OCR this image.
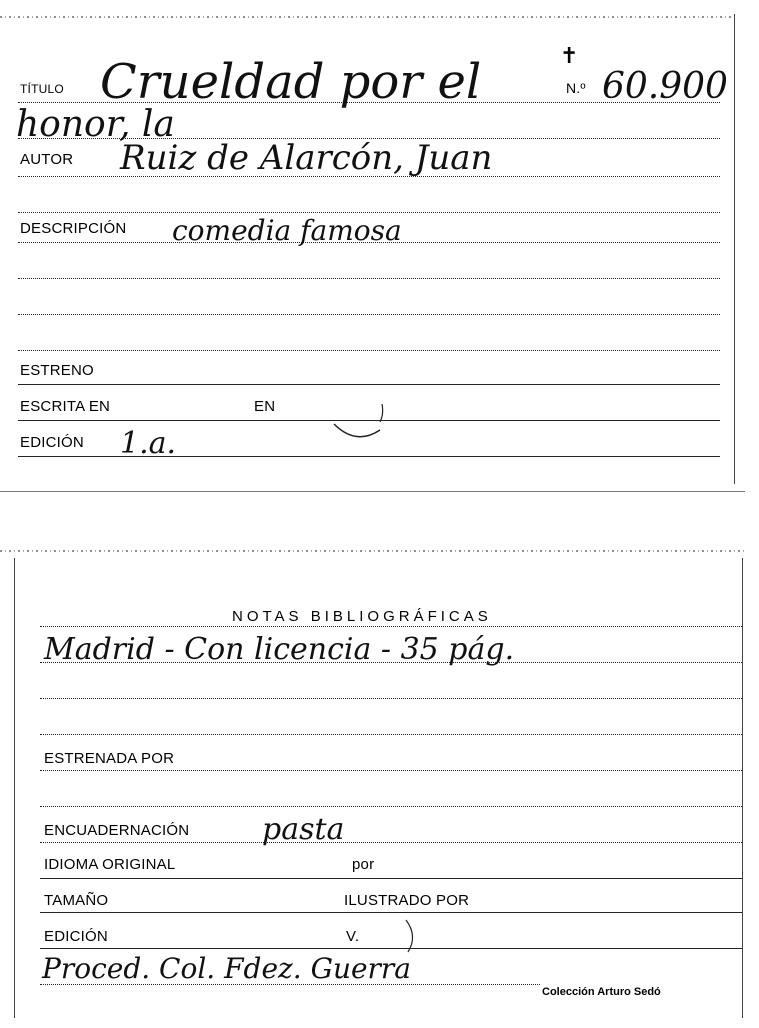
TÍTULO Crueldad por el	✝
N.º 60.900
honor, la
AUTOR Ruiz de Alarcón, Juan
DESCRIPCIÓN comedia famosa
ESTRENO
ESCRITA EN	EN
EDICIÓN 1.a.
NOTAS BIBLIOGRÁFICAS
Madrid - Con licencia - 35 pág.
ESTRENADA POR
ENCUADERNACIÓN pasta
IDIOMA ORIGINAL	por
TAMAÑO	ILUSTRADO POR
EDICIÓN	V.
Proced. Col. Fdez. Guerra
Colección Arturo Sedó
